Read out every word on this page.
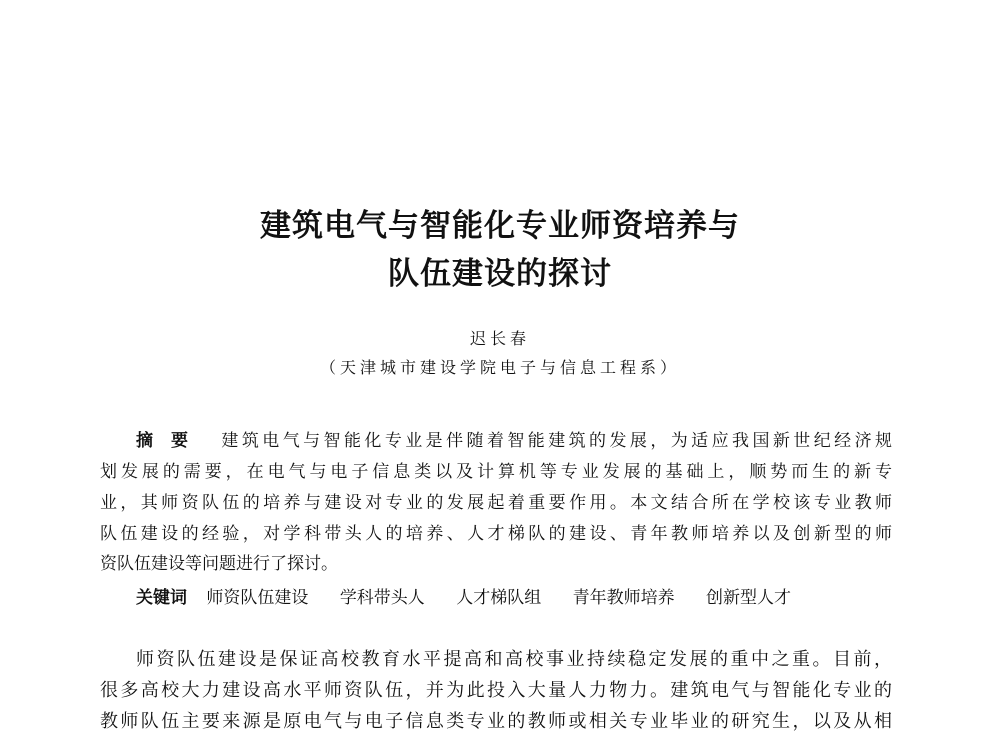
建筑电气与智能化专业师资培养与
队伍建设的探讨
迟长春
（天津城市建设学院电子与信息工程系）
摘要 建筑电气与智能化专业是伴随着智能建筑的发展，为适应我国新世纪经济规
划发展的需要，在电气与电子信息类以及计算机等专业发展的基础上，顺势而生的新专
业，其师资队伍的培养与建设对专业的发展起着重要作用。本文结合所在学校该专业教师
队伍建设的经验，对学科带头人的培养、人才梯队的建设、青年教师培养以及创新型的师
资队伍建设等问题进行了探讨。
关键词 师资队伍建设 学科带头人 人才梯队组 青年教师培养 创新型人才
师资队伍建设是保证高校教育水平提高和高校事业持续稳定发展的重中之重。目前，
很多高校大力建设高水平师资队伍，并为此投入大量人力物力。建筑电气与智能化专业的
教师队伍主要来源是原电气与电子信息类专业的教师或相关专业毕业的研究生，以及从相
